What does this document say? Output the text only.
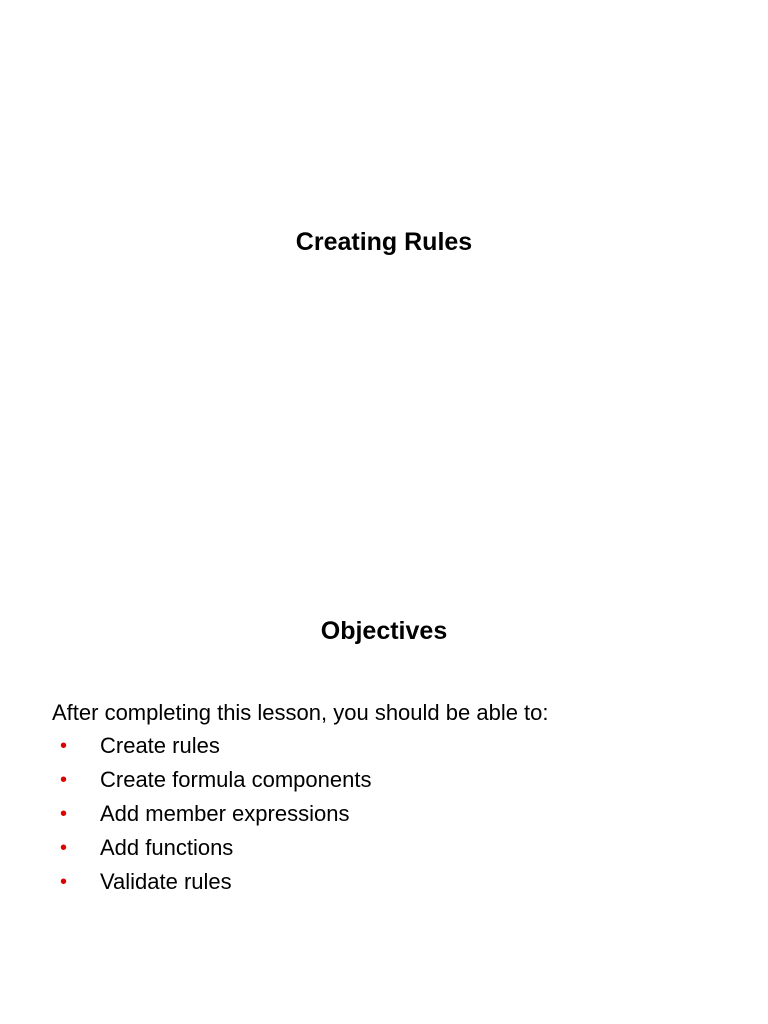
Creating Rules
Objectives

After completing this lesson, you should be able to:

• Create rules
• Create formula components
• Add member expressions
• Add functions
• Validate rules
